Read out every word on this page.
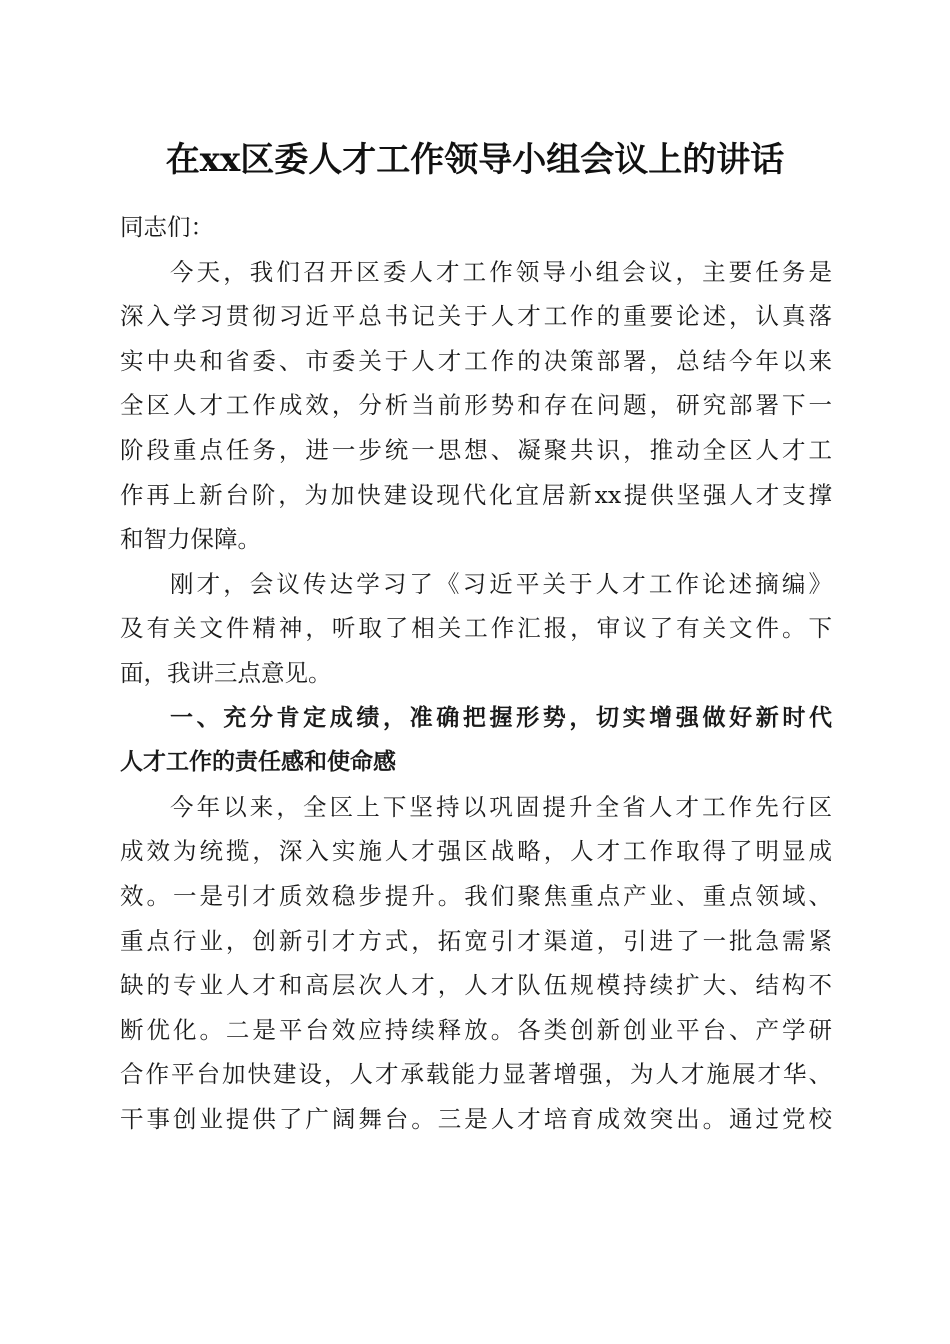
在xx区委人才工作领导小组会议上的讲话
同志们：
今天，我们召开区委人才工作领导小组会议，主要任务是
深入学习贯彻习近平总书记关于人才工作的重要论述，认真落
实中央和省委、市委关于人才工作的决策部署，总结今年以来
全区人才工作成效，分析当前形势和存在问题，研究部署下一
阶段重点任务，进一步统一思想、凝聚共识，推动全区人才工
作再上新台阶，为加快建设现代化宜居新xx提供坚强人才支撑
和智力保障。
刚才，会议传达学习了《习近平关于人才工作论述摘编》
及有关文件精神，听取了相关工作汇报，审议了有关文件。下
面，我讲三点意见。
一、充分肯定成绩，准确把握形势，切实增强做好新时代
人才工作的责任感和使命感
今年以来，全区上下坚持以巩固提升全省人才工作先行区
成效为统揽，深入实施人才强区战略，人才工作取得了明显成
效。一是引才质效稳步提升。我们聚焦重点产业、重点领域、
重点行业，创新引才方式，拓宽引才渠道，引进了一批急需紧
缺的专业人才和高层次人才，人才队伍规模持续扩大、结构不
断优化。二是平台效应持续释放。各类创新创业平台、产学研
合作平台加快建设，人才承载能力显著增强，为人才施展才华、
干事创业提供了广阔舞台。三是人才培育成效突出。通过党校
